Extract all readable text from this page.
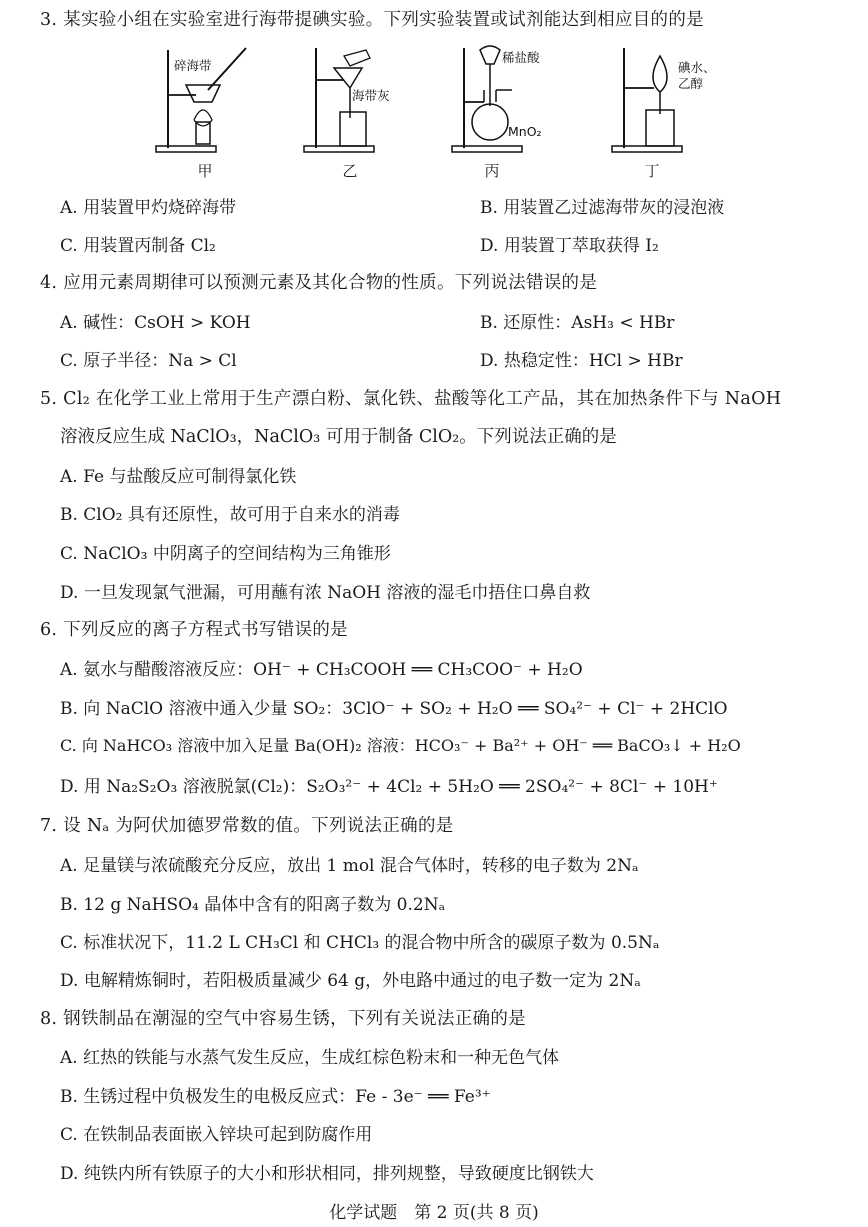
3. 某实验小组在实验室进行海带提碘实验。下列实验装置或试剂能达到相应目的的是
碎海带
甲
海带灰
乙
稀盐酸
MnO₂
丙
碘水、
乙醇
丁
A. 用装置甲灼烧碎海带	B. 用装置乙过滤海带灰的浸泡液
C. 用装置丙制备 Cl₂	D. 用装置丁萃取获得 I₂
4. 应用元素周期律可以预测元素及其化合物的性质。下列说法错误的是
A. 碱性：CsOH > KOH	B. 还原性：AsH₃ < HBr
C. 原子半径：Na > Cl	D. 热稳定性：HCl > HBr
5. Cl₂ 在化学工业上常用于生产漂白粉、氯化铁、盐酸等化工产品，其在加热条件下与 NaOH
溶液反应生成 NaClO₃，NaClO₃ 可用于制备 ClO₂。下列说法正确的是
A. Fe 与盐酸反应可制得氯化铁
B. ClO₂ 具有还原性，故可用于自来水的消毒
C. NaClO₃ 中阴离子的空间结构为三角锥形
D. 一旦发现氯气泄漏，可用蘸有浓 NaOH 溶液的湿毛巾捂住口鼻自救
6. 下列反应的离子方程式书写错误的是
A. 氨水与醋酸溶液反应：OH⁻ + CH₃COOH ══ CH₃COO⁻ + H₂O
B. 向 NaClO 溶液中通入少量 SO₂：3ClO⁻ + SO₂ + H₂O ══ SO₄²⁻ + Cl⁻ + 2HClO
C. 向 NaHCO₃ 溶液中加入足量 Ba(OH)₂ 溶液：HCO₃⁻ + Ba²⁺ + OH⁻ ══ BaCO₃↓ + H₂O
D. 用 Na₂S₂O₃ 溶液脱氯(Cl₂)：S₂O₃²⁻ + 4Cl₂ + 5H₂O ══ 2SO₄²⁻ + 8Cl⁻ + 10H⁺
7. 设 Nₐ 为阿伏加德罗常数的值。下列说法正确的是
A. 足量镁与浓硫酸充分反应，放出 1 mol 混合气体时，转移的电子数为 2Nₐ
B. 12 g NaHSO₄ 晶体中含有的阳离子数为 0.2Nₐ
C. 标准状况下，11.2 L CH₃Cl 和 CHCl₃ 的混合物中所含的碳原子数为 0.5Nₐ
D. 电解精炼铜时，若阳极质量减少 64 g，外电路中通过的电子数一定为 2Nₐ
8. 钢铁制品在潮湿的空气中容易生锈，下列有关说法正确的是
A. 红热的铁能与水蒸气发生反应，生成红棕色粉末和一种无色气体
B. 生锈过程中负极发生的电极反应式：Fe - 3e⁻ ══ Fe³⁺
C. 在铁制品表面嵌入锌块可起到防腐作用
D. 纯铁内所有铁原子的大小和形状相同，排列规整，导致硬度比钢铁大
化学试题　第 2 页(共 8 页)
